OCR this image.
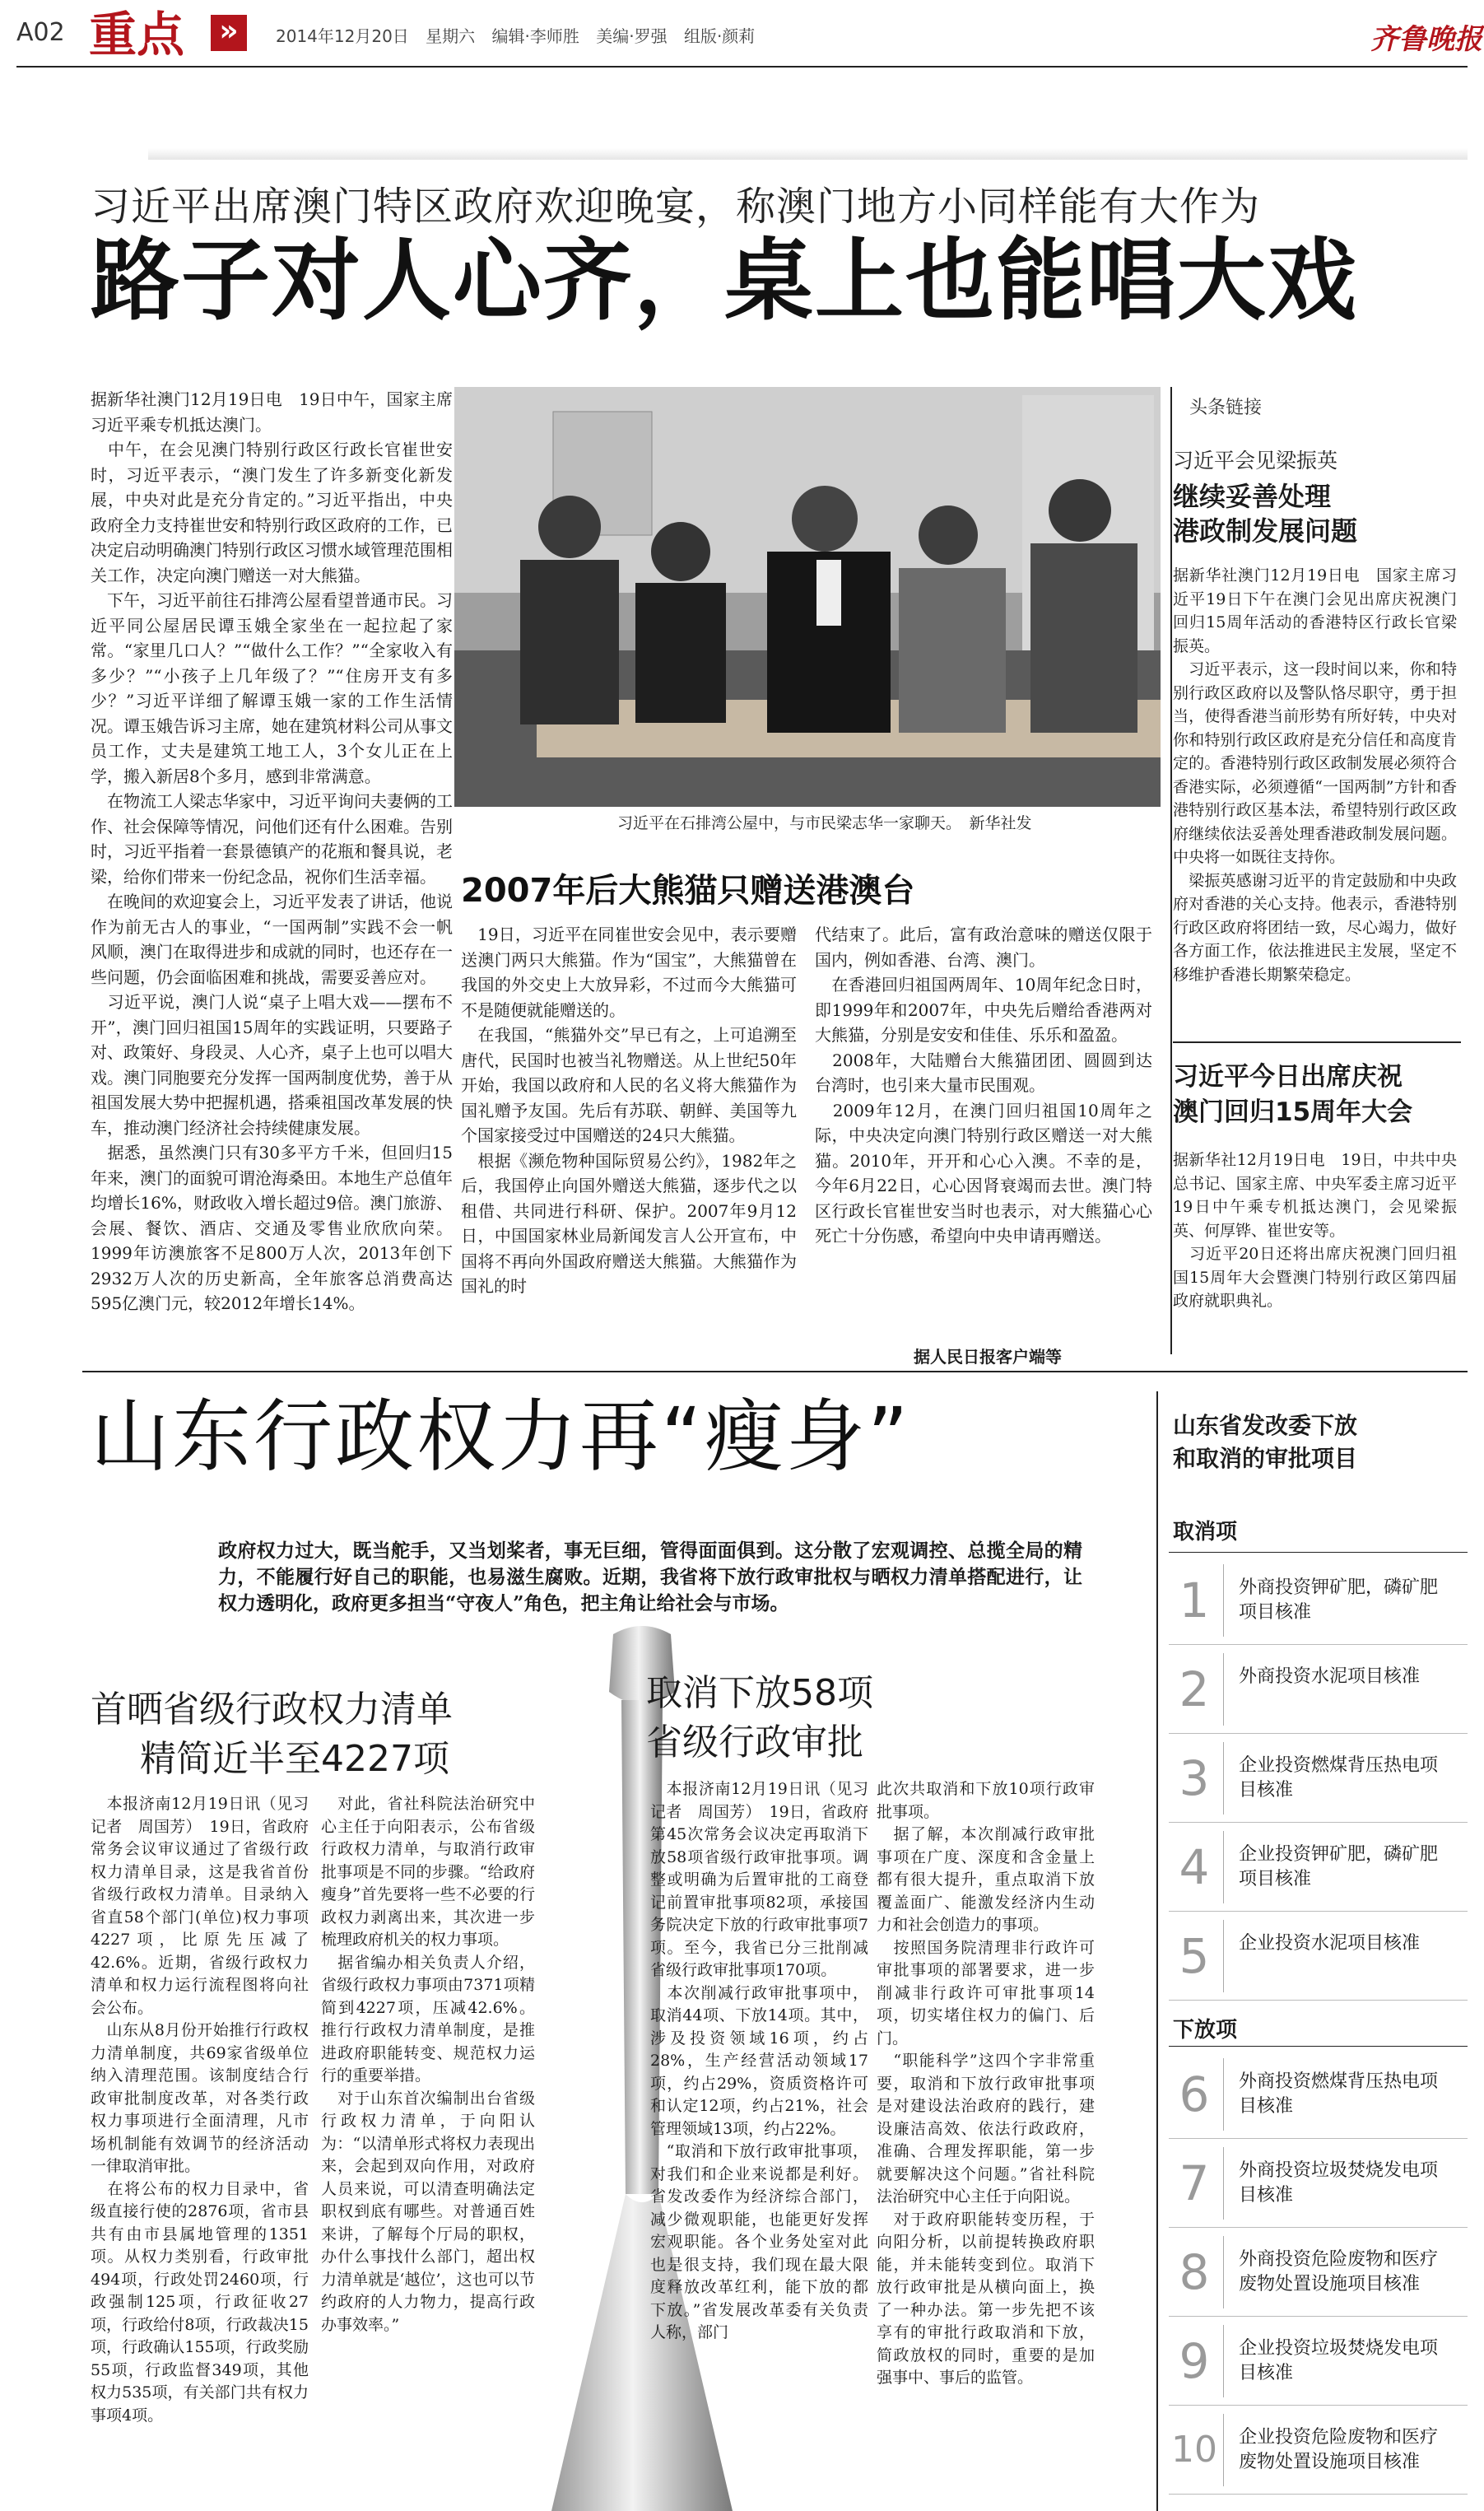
A02 重点 »	2014年12月20日 星期六 编辑·李师胜 美编·罗强 组版·颜莉	齐鲁晚报
习近平出席澳门特区政府欢迎晚宴，称澳门地方小同样能有大作为
路子对人心齐，桌上也能唱大戏
据新华社澳门12月19日电　19日中午，国家主席习近平乘专机抵达澳门。
　中午，在会见澳门特别行政区行政长官崔世安时，习近平表示，“澳门发生了许多新变化新发展，中央对此是充分肯定的。”习近平指出，中央政府全力支持崔世安和特别行政区政府的工作，已决定启动明确澳门特别行政区习惯水域管理范围相关工作，决定向澳门赠送一对大熊猫。
　下午，习近平前往石排湾公屋看望普通市民。习近平同公屋居民谭玉娥全家坐在一起拉起了家常。“家里几口人？”“做什么工作？”“全家收入有多少？”“小孩子上几年级了？”“住房开支有多少？”习近平详细了解谭玉娥一家的工作生活情况。谭玉娥告诉习主席，她在建筑材料公司从事文员工作，丈夫是建筑工地工人，3个女儿正在上学，搬入新居8个多月，感到非常满意。
　在物流工人梁志华家中，习近平询问夫妻俩的工作、社会保障等情况，问他们还有什么困难。告别时，习近平指着一套景德镇产的花瓶和餐具说，老梁，给你们带来一份纪念品，祝你们生活幸福。
　在晚间的欢迎宴会上，习近平发表了讲话，他说作为前无古人的事业，“一国两制”实践不会一帆风顺，澳门在取得进步和成就的同时，也还存在一些问题，仍会面临困难和挑战，需要妥善应对。
　习近平说，澳门人说“桌子上唱大戏——摆布不开”，澳门回归祖国15周年的实践证明，只要路子对、政策好、身段灵、人心齐，桌子上也可以唱大戏。澳门同胞要充分发挥一国两制度优势，善于从祖国发展大势中把握机遇，搭乘祖国改革发展的快车，推动澳门经济社会持续健康发展。
　据悉，虽然澳门只有30多平方千米，但回归15年来，澳门的面貌可谓沧海桑田。本地生产总值年均增长16%，财政收入增长超过9倍。澳门旅游、会展、餐饮、酒店、交通及零售业欣欣向荣。1999年访澳旅客不足800万人次，2013年创下2932万人次的历史新高，全年旅客总消费高达595亿澳门元，较2012年增长14%。
习近平在石排湾公屋中，与市民梁志华一家聊天。　新华社发
2007年后大熊猫只赠送港澳台
　19日，习近平在同崔世安会见中，表示要赠送澳门两只大熊猫。作为“国宝”，大熊猫曾在我国的外交史上大放异彩，不过而今大熊猫可不是随便就能赠送的。
　在我国，“熊猫外交”早已有之，上可追溯至唐代，民国时也被当礼物赠送。从上世纪50年开始，我国以政府和人民的名义将大熊猫作为国礼赠予友国。先后有苏联、朝鲜、美国等九个国家接受过中国赠送的24只大熊猫。
　根据《濒危物种国际贸易公约》，1982年之后，我国停止向国外赠送大熊猫，逐步代之以租借、共同进行科研、保护。2007年9月12日，中国国家林业局新闻发言人公开宣布，中国将不再向外国政府赠送大熊猫。大熊猫作为国礼的时
代结束了。此后，富有政治意味的赠送仅限于国内，例如香港、台湾、澳门。
　在香港回归祖国两周年、10周年纪念日时，即1999年和2007年，中央先后赠给香港两对大熊猫，分别是安安和佳佳、乐乐和盈盈。
　2008年，大陆赠台大熊猫团团、圆圆到达台湾时，也引来大量市民围观。
　2009年12月，在澳门回归祖国10周年之际，中央决定向澳门特别行政区赠送一对大熊猫。2010年，开开和心心入澳。不幸的是，今年6月22日，心心因肾衰竭而去世。澳门特区行政长官崔世安当时也表示，对大熊猫心心死亡十分伤感，希望向中央申请再赠送。
据人民日报客户端等
头条链接
习近平会见梁振英
继续妥善处理
港政制发展问题
据新华社澳门12月19日电　国家主席习近平19日下午在澳门会见出席庆祝澳门回归15周年活动的香港特区行政长官梁振英。
　习近平表示，这一段时间以来，你和特别行政区政府以及警队恪尽职守，勇于担当，使得香港当前形势有所好转，中央对你和特别行政区政府是充分信任和高度肯定的。香港特别行政区政制发展必须符合香港实际，必须遵循“一国两制”方针和香港特别行政区基本法，希望特别行政区政府继续依法妥善处理香港政制发展问题。中央将一如既往支持你。
　梁振英感谢习近平的肯定鼓励和中央政府对香港的关心支持。他表示，香港特别行政区政府将团结一致，尽心竭力，做好各方面工作，依法推进民主发展，坚定不移维护香港长期繁荣稳定。
习近平今日出席庆祝
澳门回归15周年大会
据新华社12月19日电　19日，中共中央总书记、国家主席、中央军委主席习近平19日中午乘专机抵达澳门，会见梁振英、何厚铧、崔世安等。
　习近平20日还将出席庆祝澳门回归祖国15周年大会暨澳门特别行政区第四届政府就职典礼。
山东行政权力再“瘦身”
政府权力过大，既当舵手，又当划桨者，事无巨细，管得面面俱到。这分散了宏观调控、总揽全局的精力，不能履行好自己的职能，也易滋生腐败。近期，我省将下放行政审批权与晒权力清单搭配进行，让权力透明化，政府更多担当“守夜人”角色，把主角让给社会与市场。
首晒省级行政权力清单
精简近半至4227项
　本报济南12月19日讯（见习记者　周国芳）　19日，省政府常务会议审议通过了省级行政权力清单目录，这是我省首份省级行政权力清单。目录纳入省直58个部门(单位)权力事项4227项，比原先压减了42.6%。近期，省级行政权力清单和权力运行流程图将向社会公布。
　山东从8月份开始推行行政权力清单制度，共69家省级单位纳入清理范围。该制度结合行政审批制度改革，对各类行政权力事项进行全面清理，凡市场机制能有效调节的经济活动一律取消审批。
　在将公布的权力目录中，省级直接行使的2876项，省市县共有由市县属地管理的1351项。从权力类别看，行政审批494项，行政处罚2460项，行政强制125项，行政征收27项，行政给付8项，行政裁决15项，行政确认155项，行政奖励55项，行政监督349项，其他权力535项，有关部门共有权力事项4项。
　对此，省社科院法治研究中心主任于向阳表示，公布省级行政权力清单，与取消行政审批事项是不同的步骤。“给政府瘦身”首先要将一些不必要的行政权力剥离出来，其次进一步梳理政府机关的权力事项。
　据省编办相关负责人介绍，省级行政权力事项由7371项精简到4227项，压减42.6%。推行行政权力清单制度，是推进政府职能转变、规范权力运行的重要举措。
　对于山东首次编制出台省级行政权力清单，于向阳认为：“以清单形式将权力表现出来，会起到双向作用，对政府人员来说，可以清查明确法定职权到底有哪些。对普通百姓来讲，了解每个厅局的职权，办什么事找什么部门，超出权力清单就是‘越位’，这也可以节约政府的人力物力，提高行政办事效率。”
取消下放58项
省级行政审批
　本报济南12月19日讯（见习记者　周国芳）　19日，省政府第45次常务会议决定再取消下放58项省级行政审批事项。调整或明确为后置审批的工商登记前置审批事项82项，承接国务院决定下放的行政审批事项7项。至今，我省已分三批削减省级行政审批事项170项。
　本次削减行政审批事项中，取消44项、下放14项。其中，涉及投资领域16项，约占28%，生产经营活动领域17项，约占29%，资质资格许可和认定12项，约占21%，社会管理领域13项，约占22%。
　“取消和下放行政审批事项，对我们和企业来说都是利好。省发改委作为经济综合部门，减少微观职能，也能更好发挥宏观职能。各个业务处室对此也是很支持，我们现在最大限度释放改革红利，能下放的都下放。”省发展改革委有关负责人称，部门
此次共取消和下放10项行政审批事项。
　据了解，本次削减行政审批事项在广度、深度和含金量上都有很大提升，重点取消下放覆盖面广、能激发经济内生动力和社会创造力的事项。
　按照国务院清理非行政许可审批事项的部署要求，进一步削减非行政许可审批事项14项，切实堵住权力的偏门、后门。
　“职能科学”这四个字非常重要，取消和下放行政审批事项是对建设法治政府的践行，建设廉洁高效、依法行政政府，准确、合理发挥职能，第一步就要解决这个问题。”省社科院法治研究中心主任于向阳说。
　对于政府职能转变历程，于向阳分析，以前提转换政府职能，并未能转变到位。取消下放行政审批是从横向面上，换了一种办法。第一步先把不该享有的审批行政取消和下放，简政放权的同时，重要的是加强事中、事后的监管。
山东省发改委下放
和取消的审批项目
取消项
1	外商投资钾矿肥，磷矿肥项目核准
2	外商投资水泥项目核准
3	企业投资燃煤背压热电项目核准
4	企业投资钾矿肥，磷矿肥项目核准
5	企业投资水泥项目核准
下放项
6	外商投资燃煤背压热电项目核准
7	外商投资垃圾焚烧发电项目核准
8	外商投资危险废物和医疗废物处置设施项目核准
9	企业投资垃圾焚烧发电项目核准
10 企业投资危险废物和医疗废物处置设施项目核准
